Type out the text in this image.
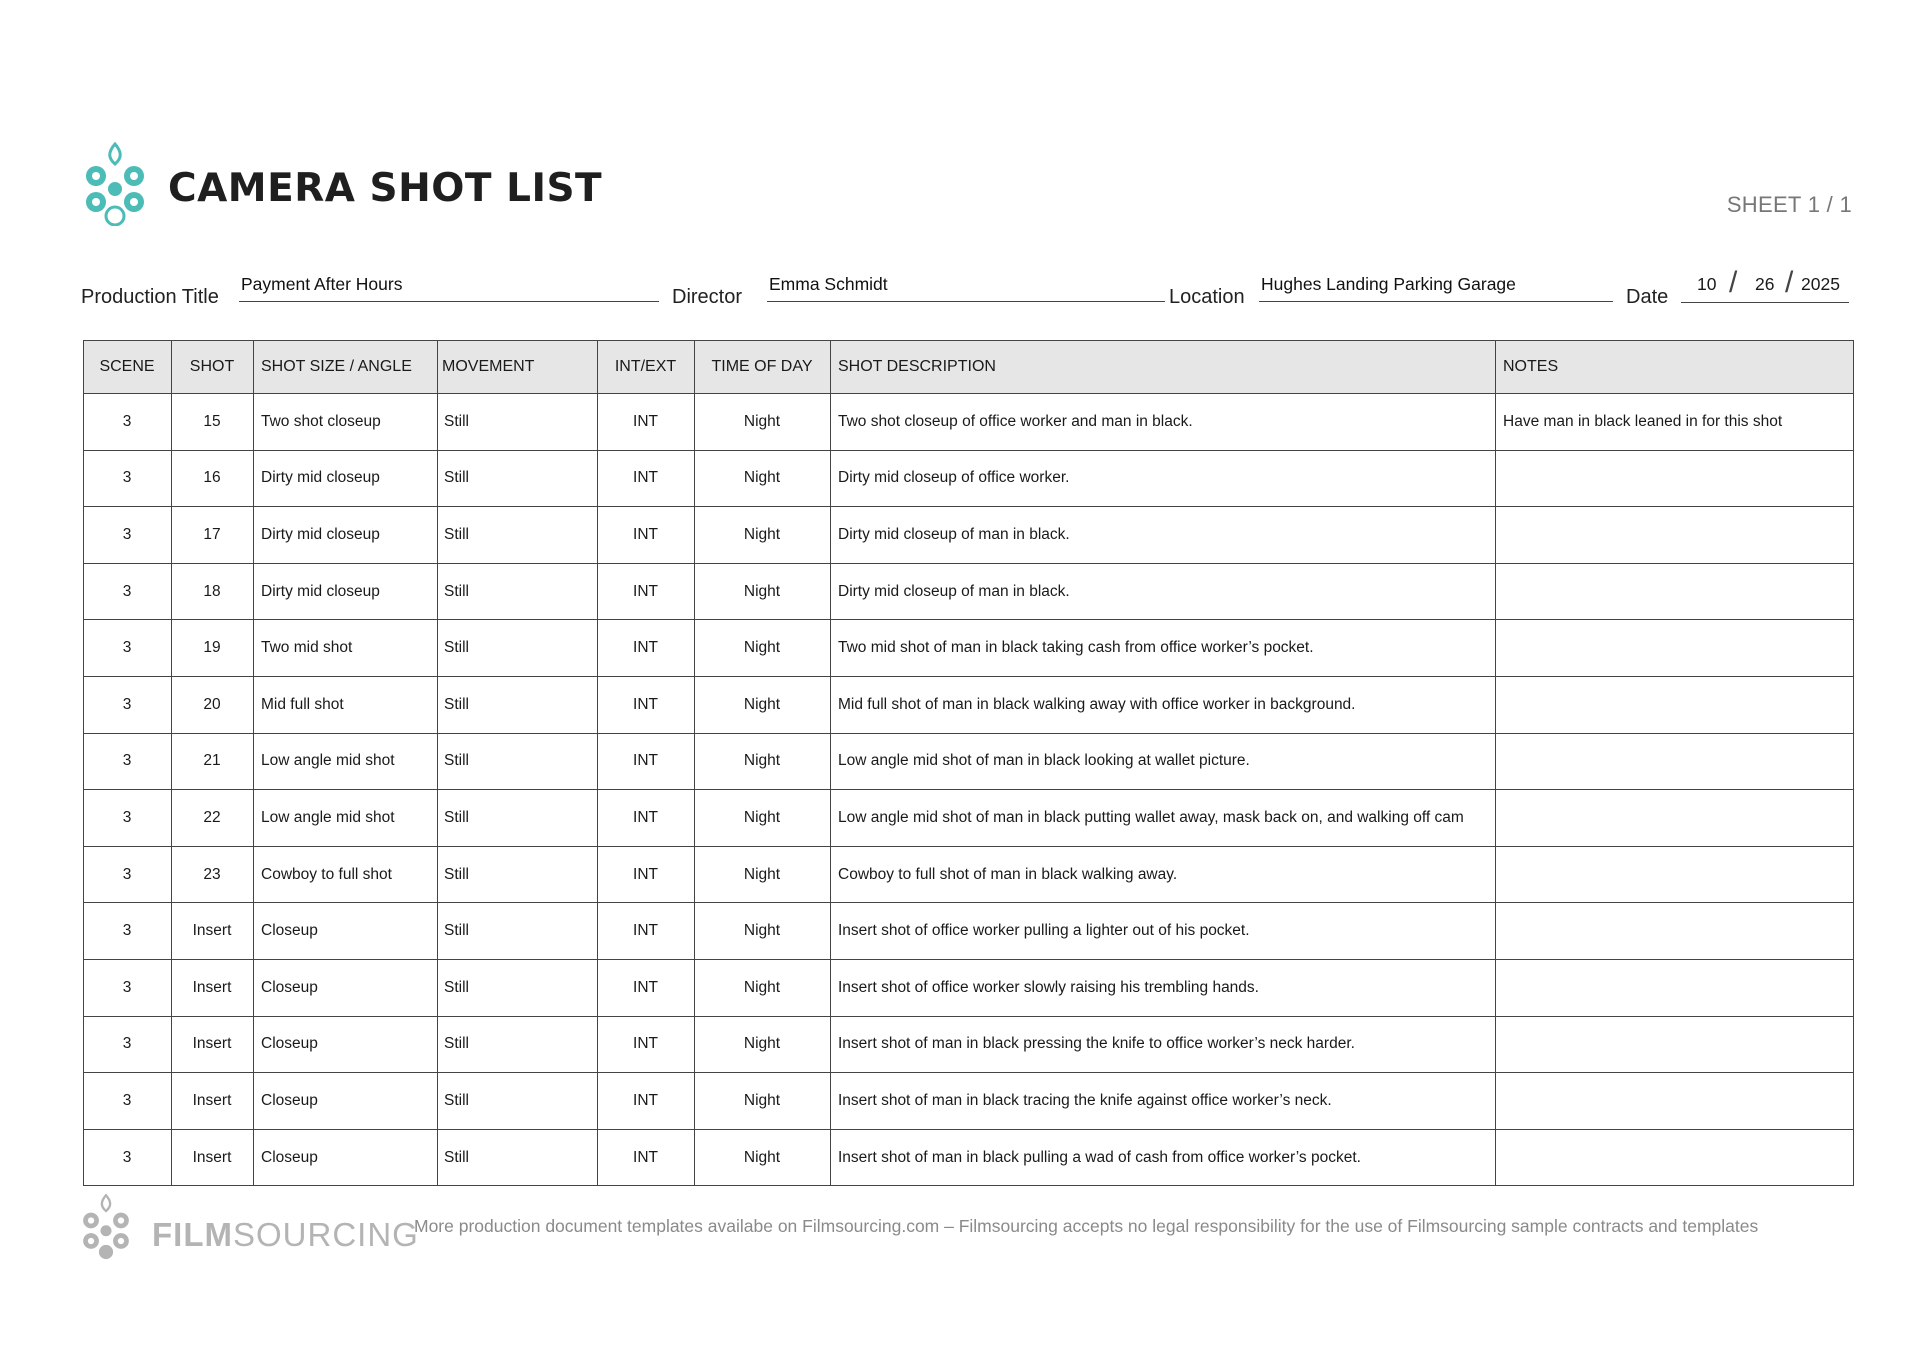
CAMERA SHOT LIST	SHEET 1 / 1
Production Title
Payment After Hours
Director
Emma Schmidt
Location
Hughes Landing Parking Garage
Date
10 / 26 / 2025
SCENE	SHOT	SHOT SIZE / ANGLE	MOVEMENT	INT/EXT	TIME OF DAY	SHOT DESCRIPTION	NOTES
3	15	Two shot closeup	Still	INT	Night	Two shot closeup of office worker and man in black.	Have man in black leaned in for this shot
3	16	Dirty mid closeup	Still	INT	Night	Dirty mid closeup of office worker.	
3	17	Dirty mid closeup	Still	INT	Night	Dirty mid closeup of man in black.	
3	18	Dirty mid closeup	Still	INT	Night	Dirty mid closeup of man in black.	
3	19	Two mid shot	Still	INT	Night	Two mid shot of man in black taking cash from office worker’s pocket.	
3	20	Mid full shot	Still	INT	Night	Mid full shot of man in black walking away with office worker in background.	
3	21	Low angle mid shot	Still	INT	Night	Low angle mid shot of man in black looking at wallet picture.	
3	22	Low angle mid shot	Still	INT	Night	Low angle mid shot of man in black putting wallet away, mask back on, and walking off cam	
3	23	Cowboy to full shot	Still	INT	Night	Cowboy to full shot of man in black walking away.	
3	Insert	Closeup	Still	INT	Night	Insert shot of office worker pulling a lighter out of his pocket.	
3	Insert	Closeup	Still	INT	Night	Insert shot of office worker slowly raising his trembling hands.	
3	Insert	Closeup	Still	INT	Night	Insert shot of man in black pressing the knife to office worker’s neck harder.	
3	Insert	Closeup	Still	INT	Night	Insert shot of man in black tracing the knife against office worker’s neck.	
3	Insert	Closeup	Still	INT	Night	Insert shot of man in black pulling a wad of cash from office worker’s pocket.	
FILMSOURCING
More production document templates availabe on Filmsourcing.com – Filmsourcing accepts no legal responsibility for the use of Filmsourcing sample contracts and templates
